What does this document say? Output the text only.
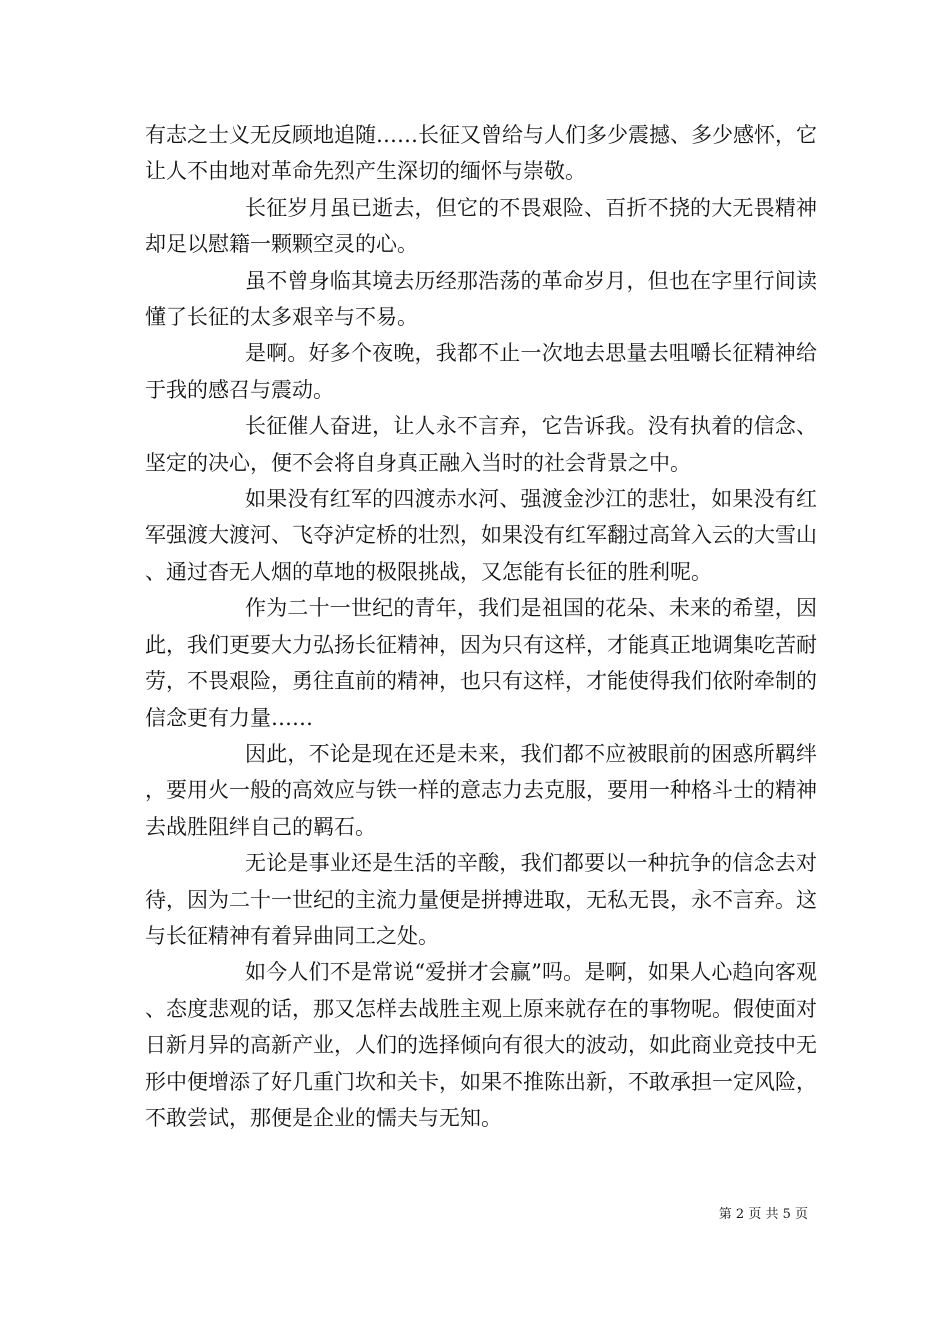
有志之士义无反顾地追随……长征又曾给与人们多少震撼、多少感怀，它让人不由地对革命先烈产生深切的缅怀与崇敬。

长征岁月虽已逝去，但它的不畏艰险、百折不挠的大无畏精神却足以慰籍一颗颗空灵的心。

虽不曾身临其境去历经那浩荡的革命岁月，但也在字里行间读懂了长征的太多艰辛与不易。

是啊。好多个夜晚，我都不止一次地去思量去咀嚼长征精神给于我的感召与震动。

长征催人奋进，让人永不言弃，它告诉我。没有执着的信念、坚定的决心，便不会将自身真正融入当时的社会背景之中。

如果没有红军的四渡赤水河、强渡金沙江的悲壮，如果没有红军强渡大渡河、飞夺泸定桥的壮烈，如果没有红军翻过高耸入云的大雪山、通过杳无人烟的草地的极限挑战，又怎能有长征的胜利呢。

作为二十一世纪的青年，我们是祖国的花朵、未来的希望，因此，我们更要大力弘扬长征精神，因为只有这样，才能真正地调集吃苦耐劳，不畏艰险，勇往直前的精神，也只有这样，才能使得我们依附牵制的信念更有力量……

因此，不论是现在还是未来，我们都不应被眼前的困惑所羁绊，要用火一般的高效应与铁一样的意志力去克服，要用一种格斗士的精神去战胜阻绊自己的羁石。

无论是事业还是生活的辛酸，我们都要以一种抗争的信念去对待，因为二十一世纪的主流力量便是拼搏进取，无私无畏，永不言弃。这与长征精神有着异曲同工之处。

如今人们不是常说“爱拼才会赢”吗。是啊，如果人心趋向客观、态度悲观的话，那又怎样去战胜主观上原来就存在的事物呢。假使面对日新月异的高新产业，人们的选择倾向有很大的波动，如此商业竞技中无形中便增添了好几重门坎和关卡，如果不推陈出新，不敢承担一定风险，不敢尝试，那便是企业的懦夫与无知。

第 2 页 共 5 页
